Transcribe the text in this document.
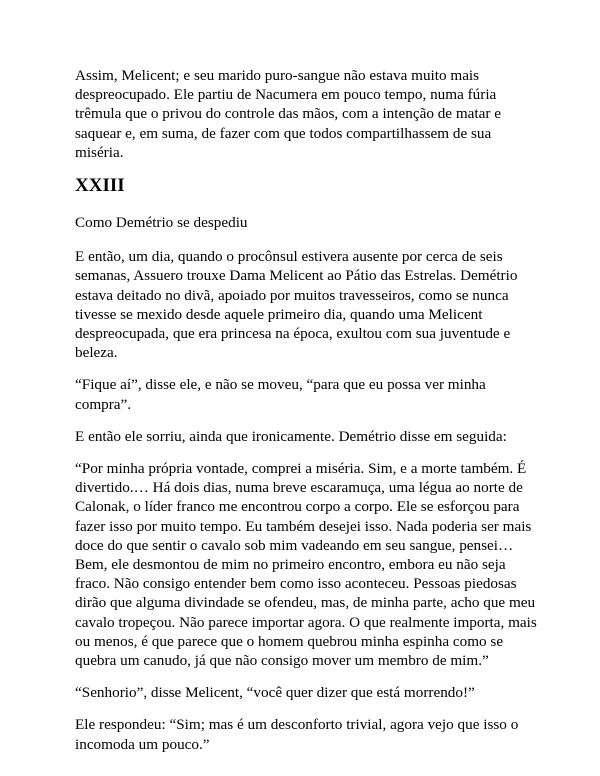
Assim, Melicent; e seu marido puro-sangue não estava muito mais despreocupado. Ele partiu de Nacumera em pouco tempo, numa fúria trêmula que o privou do controle das mãos, com a intenção de matar e saquear e, em suma, de fazer com que todos compartilhassem de sua miséria.

XXIII

Como Demétrio se despediu

E então, um dia, quando o procônsul estivera ausente por cerca de seis semanas, Assuero trouxe Dama Melicent ao Pátio das Estrelas. Demétrio estava deitado no divã, apoiado por muitos travesseiros, como se nunca tivesse se mexido desde aquele primeiro dia, quando uma Melicent despreocupada, que era princesa na época, exultou com sua juventude e beleza.

“Fique aí”, disse ele, e não se moveu, “para que eu possa ver minha compra”.

E então ele sorriu, ainda que ironicamente. Demétrio disse em seguida:

“Por minha própria vontade, comprei a miséria. Sim, e a morte também. É divertido.… Há dois dias, numa breve escaramuça, uma légua ao norte de Calonak, o líder franco me encontrou corpo a corpo. Ele se esforçou para fazer isso por muito tempo. Eu também desejei isso. Nada poderia ser mais doce do que sentir o cavalo sob mim vadeando em seu sangue, pensei… Bem, ele desmontou de mim no primeiro encontro, embora eu não seja fraco. Não consigo entender bem como isso aconteceu. Pessoas piedosas dirão que alguma divindade se ofendeu, mas, de minha parte, acho que meu cavalo tropeçou. Não parece importar agora. O que realmente importa, mais ou menos, é que parece que o homem quebrou minha espinha como se quebra um canudo, já que não consigo mover um membro de mim.”

“Senhorio”, disse Melicent, “você quer dizer que está morrendo!”

Ele respondeu: “Sim; mas é um desconforto trivial, agora vejo que isso o incomoda um pouco.”
